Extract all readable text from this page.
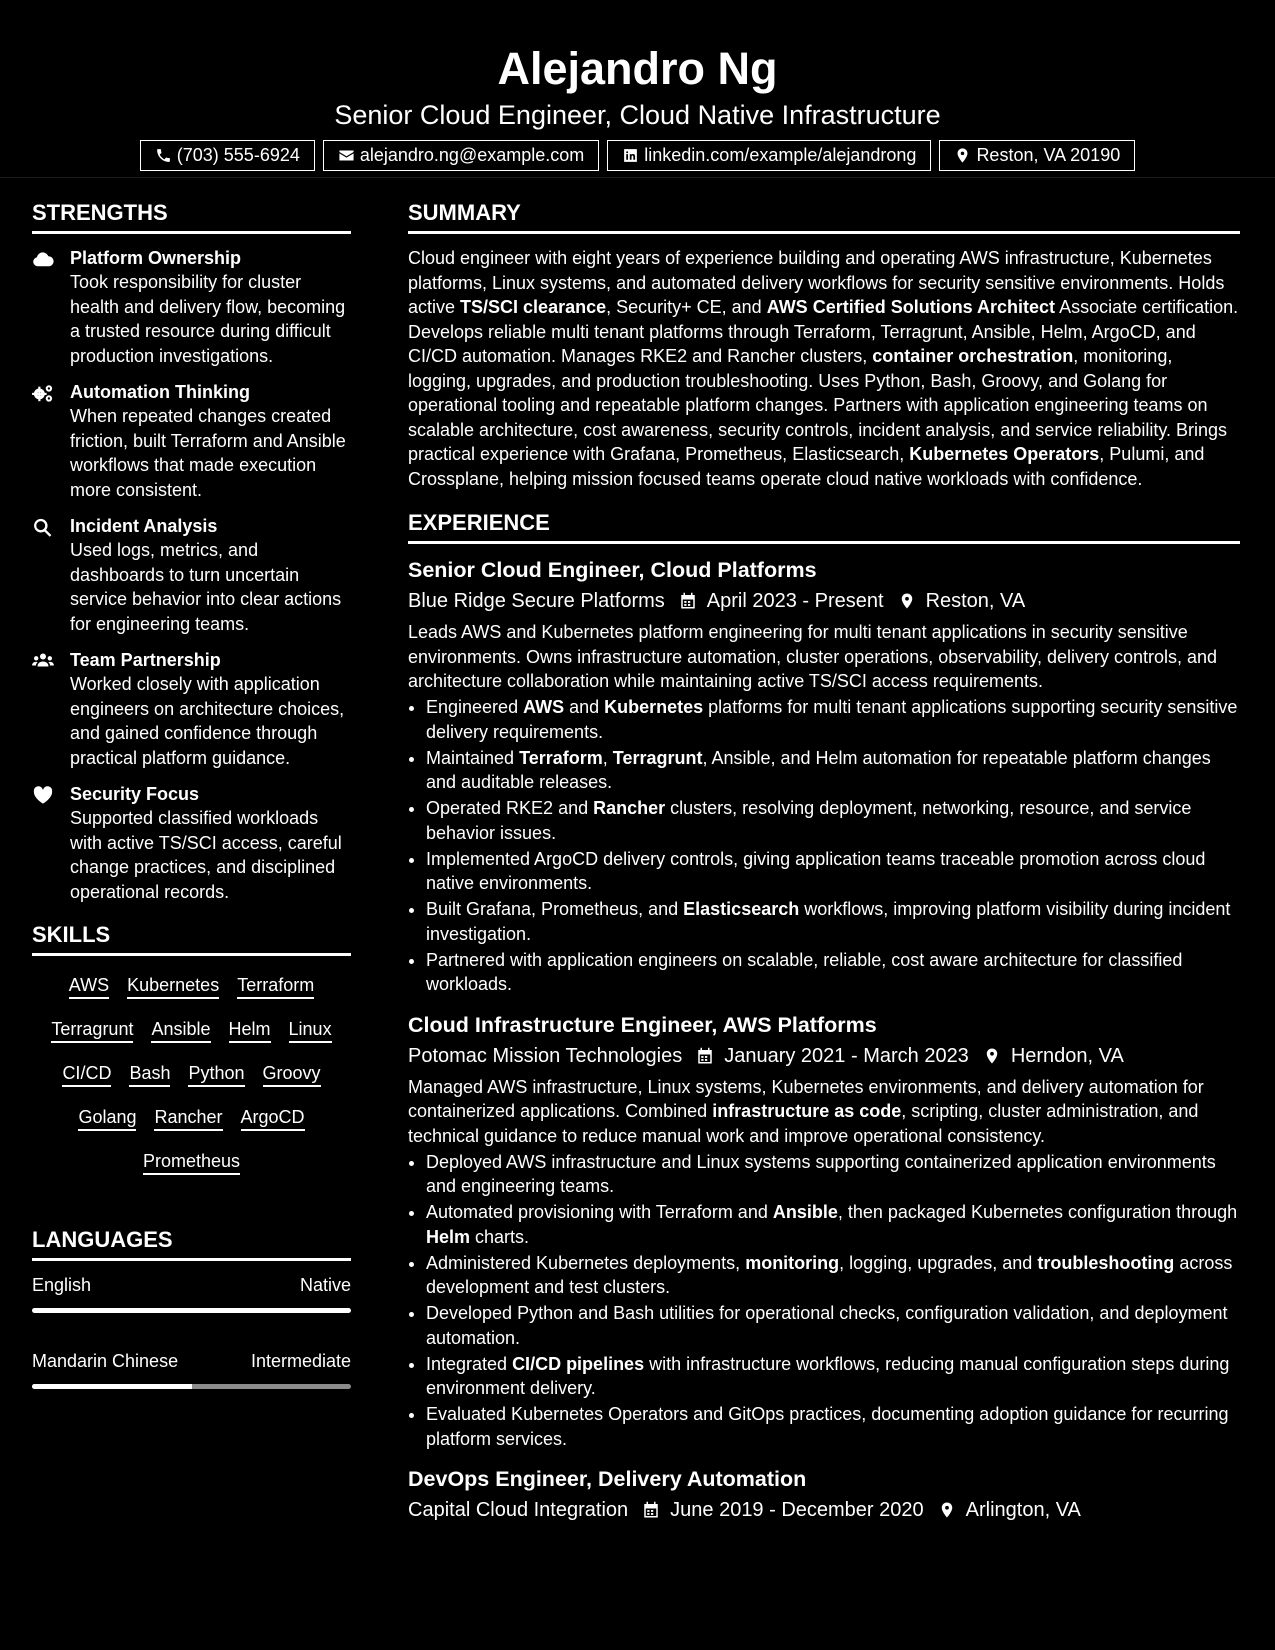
Alejandro Ng
Senior Cloud Engineer, Cloud Native Infrastructure
(703) 555-6924	alejandro.ng@example.com	linkedin.com/example/alejandrong	Reston, VA 20190
STRENGTHS
Platform Ownership
Took responsibility for cluster health and delivery flow, becoming a trusted resource during difficult production investigations.
Automation Thinking
When repeated changes created friction, built Terraform and Ansible workflows that made execution more consistent.
Incident Analysis
Used logs, metrics, and dashboards to turn uncertain service behavior into clear actions for engineering teams.
Team Partnership
Worked closely with application engineers on architecture choices, and gained confidence through practical platform guidance.
Security Focus
Supported classified workloads with active TS/SCI access, careful change practices, and disciplined operational records.
SKILLS
AWS Kubernetes Terraform
Terragrunt Ansible Helm Linux
CI/CD Bash Python Groovy
Golang Rancher ArgoCD
Prometheus
LANGUAGES
English	Native
Mandarin Chinese	Intermediate
SUMMARY
Cloud engineer with eight years of experience building and operating AWS infrastructure, Kubernetes platforms, Linux systems, and automated delivery workflows for security sensitive environments. Holds active TS/SCI clearance, Security+ CE, and AWS Certified Solutions Architect Associate certification. Develops reliable multi tenant platforms through Terraform, Terragrunt, Ansible, Helm, ArgoCD, and CI/CD automation. Manages RKE2 and Rancher clusters, container orchestration, monitoring, logging, upgrades, and production troubleshooting. Uses Python, Bash, Groovy, and Golang for operational tooling and repeatable platform changes. Partners with application engineering teams on scalable architecture, cost awareness, security controls, incident analysis, and service reliability. Brings practical experience with Grafana, Prometheus, Elasticsearch, Kubernetes Operators, Pulumi, and Crossplane, helping mission focused teams operate cloud native workloads with confidence.
EXPERIENCE
Senior Cloud Engineer, Cloud Platforms
Blue Ridge Secure Platforms April 2023 - Present Reston, VA
Leads AWS and Kubernetes platform engineering for multi tenant applications in security sensitive environments. Owns infrastructure automation, cluster operations, observability, delivery controls, and architecture collaboration while maintaining active TS/SCI access requirements.
• Engineered AWS and Kubernetes platforms for multi tenant applications supporting security sensitive delivery requirements.
• Maintained Terraform, Terragrunt, Ansible, and Helm automation for repeatable platform changes and auditable releases.
• Operated RKE2 and Rancher clusters, resolving deployment, networking, resource, and service behavior issues.
• Implemented ArgoCD delivery controls, giving application teams traceable promotion across cloud native environments.
• Built Grafana, Prometheus, and Elasticsearch workflows, improving platform visibility during incident investigation.
• Partnered with application engineers on scalable, reliable, cost aware architecture for classified workloads.
Cloud Infrastructure Engineer, AWS Platforms
Potomac Mission Technologies January 2021 - March 2023 Herndon, VA
Managed AWS infrastructure, Linux systems, Kubernetes environments, and delivery automation for containerized applications. Combined infrastructure as code, scripting, cluster administration, and technical guidance to reduce manual work and improve operational consistency.
• Deployed AWS infrastructure and Linux systems supporting containerized application environments and engineering teams.
• Automated provisioning with Terraform and Ansible, then packaged Kubernetes configuration through Helm charts.
• Administered Kubernetes deployments, monitoring, logging, upgrades, and troubleshooting across development and test clusters.
• Developed Python and Bash utilities for operational checks, configuration validation, and deployment automation.
• Integrated CI/CD pipelines with infrastructure workflows, reducing manual configuration steps during environment delivery.
• Evaluated Kubernetes Operators and GitOps practices, documenting adoption guidance for recurring platform services.
DevOps Engineer, Delivery Automation
Capital Cloud Integration June 2019 - December 2020 Arlington, VA
